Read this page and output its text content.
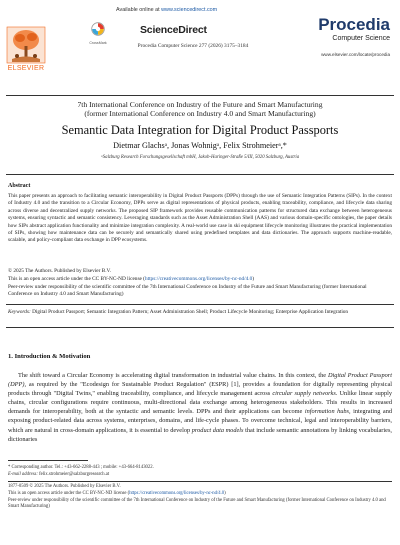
Available online at www.sciencedirect.com
ELSEVIER
CrossMark
ScienceDirect
Procedia Computer Science 277 (2026) 3175–3184
Procedia
Computer Science
www.elsevier.com/locate/procedia
7th International Conference on Industry of the Future and Smart Manufacturing
(former International Conference on Industry 4.0 and Smart Manufacturing)
Semantic Data Integration for Digital Product Passports
Dietmar Glachsᵃ, Jonas Wohnigᵃ, Felix Strohmeierᵃ,*
ᵃSalzburg Research Forschungsgesellschaft mbH, Jakob-Haringer-Straße 5/III, 5020 Salzburg, Austria
Abstract
This paper presents an approach to facilitating semantic interoperability in Digital Product Passports (DPPs) through the use of Semantic Integration Patterns (SIPs). In the context of Industry 4.0 and the transition to a Circular Economy, DPPs serve as digital representations of physical products, enabling traceability, compliance, and lifecycle data sharing across diverse and decentralized supply networks. The proposed SIP framework provides reusable communication patterns for structured data exchange between heterogeneous systems, ensuring syntactic and semantic consistency. Leveraging standards such as the Asset Administration Shell (AAS) and various domain-specific ontologies, the paper details how SIPs abstract application functionality and minimize integration complexity. A real-world use case in ski equipment lifecycle monitoring illustrates the practical implementation of SIPs, showing how maintenance data can be securely and semantically shared using predefined templates and data dictionaries. The approach supports machine-readable, scalable, and policy-compliant data exchange in DPP ecosystems.
© 2025 The Authors. Published by Elsevier B.V.
This is an open access article under the CC BY-NC-ND license (https://creativecommons.org/licenses/by-nc-nd/4.0)
Peer-review under responsibility of the scientific committee of the 7th International Conference on Industry of the Future and Smart Manufacturing (former International Conference on Industry 4.0 and Smart Manufacturing)
Keywords: Digital Product Passport; Semantic Integration Pattern; Asset Administration Shell; Product Lifecycle Monitoring; Enterprise Application Integration
1. Introduction & Motivation

The shift toward a Circular Economy is accelerating digital transformation in industrial value chains. In this context, the Digital Product Passport (DPP), as required by the "Ecodesign for Sustainable Product Regulation" (ESPR) [1], provides a foundation for digitally representing physical products through "Digital Twins," enabling traceability, compliance, and lifecycle management across circular supply networks. Unlike linear supply chains, circular configurations require continuous, multi-directional data exchange among heterogeneous stakeholders. This results in increased demands for interoperability, both at the syntactic and semantic levels. DPPs and their applications can become information hubs, integrating and exposing product-related data across systems, enterprises, domains, and life-cycle phases. To overcome technical, legal and interoperability barriers, which are natural in cross-domain applications, it is essential to develop product data models that include semantic annotations by linking vocabularies, dictionaries

* Corresponding author. Tel.: +43-662-2288-443 ; mobile: +43-664-8143022.
E-mail address: felix.strohmeier@salzburgresearch.at
1877-0509 © 2025 The Authors. Published by Elsevier B.V.
This is an open access article under the CC BY-NC-ND license (https://creativecommons.org/licenses/by-nc-nd/4.0)
Peer-review under responsibility of the scientific committee of the 7th International Conference on Industry of the Future and Smart Manufacturing (former International Conference on Industry 4.0 and Smart Manufacturing)
